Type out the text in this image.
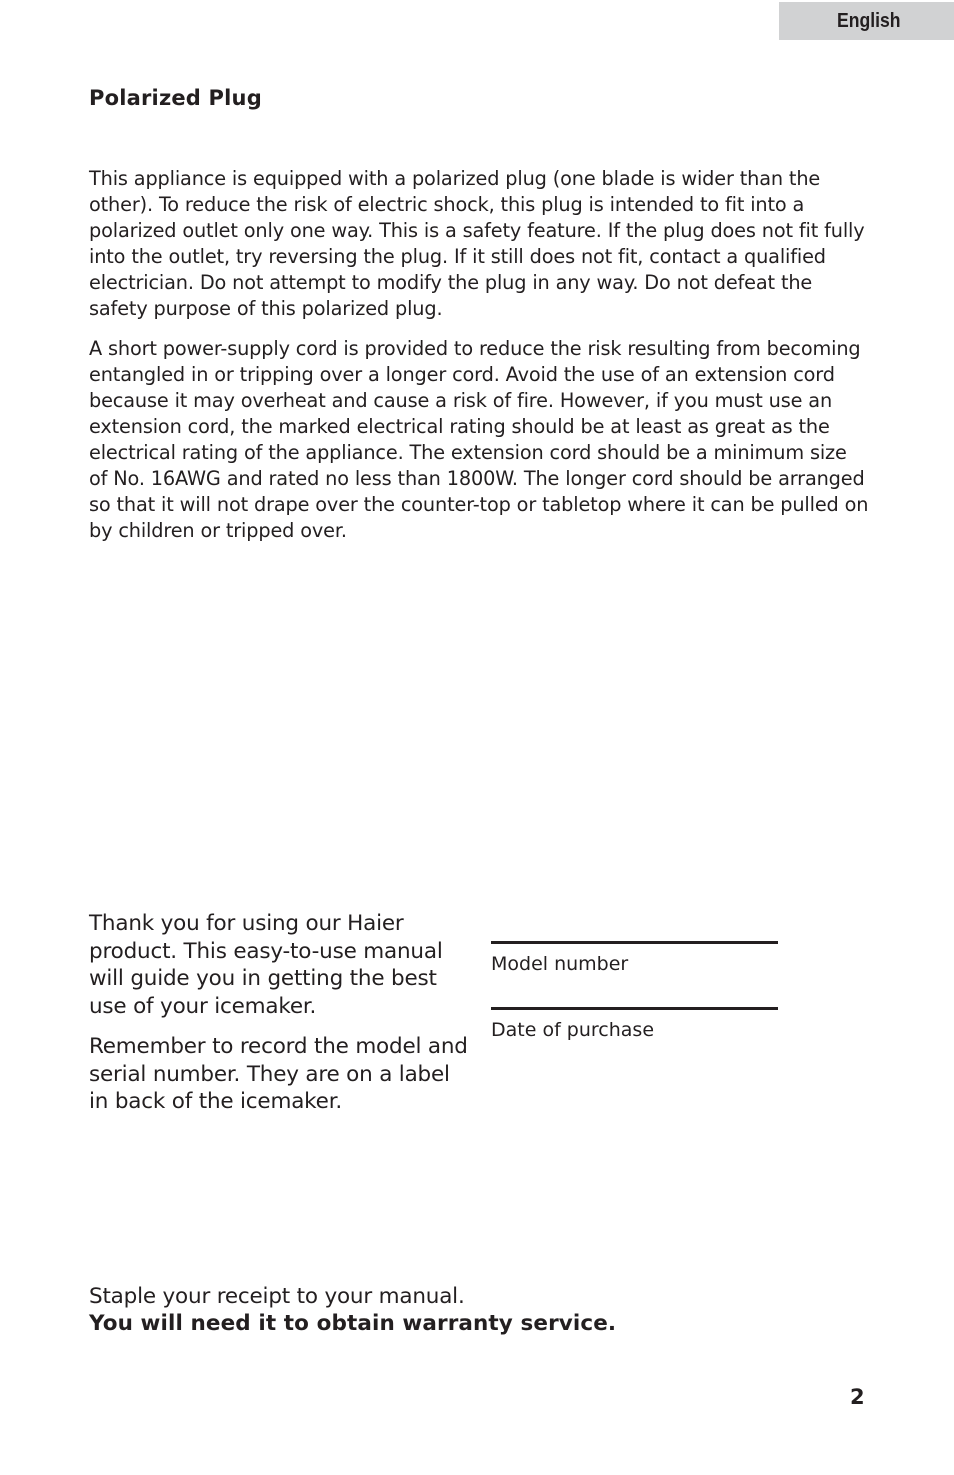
English
Polarized Plug

This appliance is equipped with a polarized plug (one blade is wider than the other). To reduce the risk of electric shock, this plug is intended to fit into a polarized outlet only one way. This is a safety feature. If the plug does not fit fully into the outlet, try reversing the plug. If it still does not fit, contact a qualified electrician. Do not attempt to modify the plug in any way. Do not defeat the safety purpose of this polarized plug.

A short power-supply cord is provided to reduce the risk resulting from becoming entangled in or tripping over a longer cord. Avoid the use of an extension cord because it may overheat and cause a risk of fire. However, if you must use an extension cord, the marked electrical rating should be at least as great as the electrical rating of the appliance. The extension cord should be a minimum size of No. 16AWG and rated no less than 1800W. The longer cord should be arranged so that it will not drape over the counter-top or tabletop where it can be pulled on by children or tripped over.

Thank you for using our Haier product. This easy-to-use manual will guide you in getting the best use of your icemaker.

Remember to record the model and serial number. They are on a label in back of the icemaker.

Model number
Date of purchase

Staple your receipt to your manual.
You will need it to obtain warranty service.

2
